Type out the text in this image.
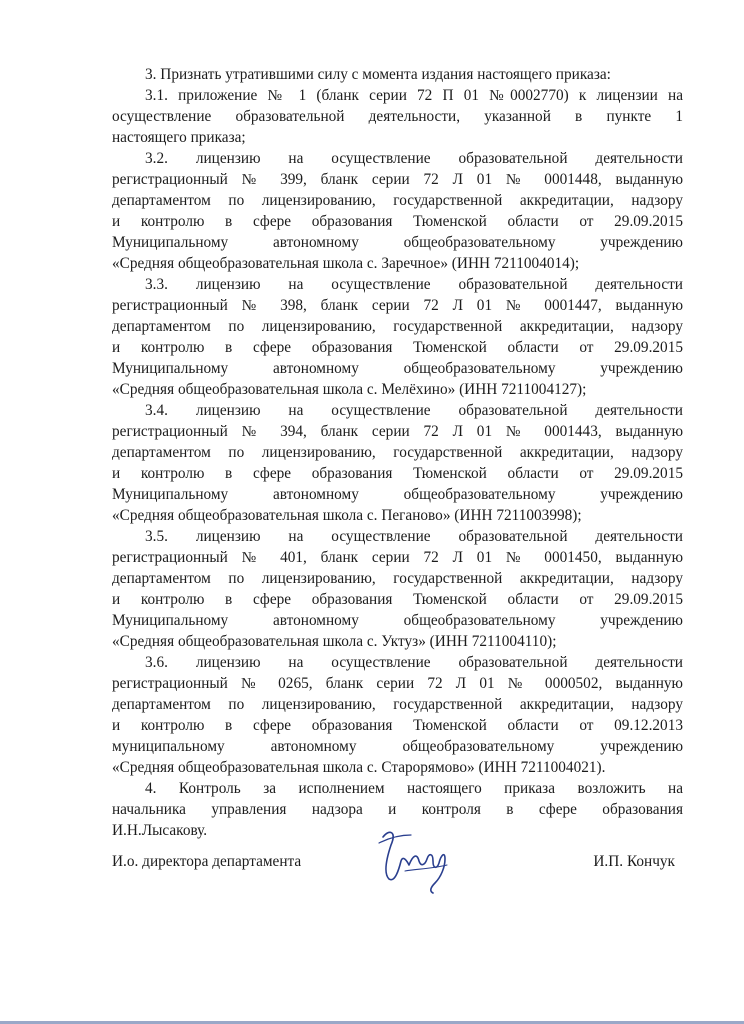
3. Признать утратившими силу с момента издания настоящего приказа:
3.1. приложение № 1 (бланк серии 72 П 01 №0002770) к лицензии на
осуществление образовательной деятельности, указанной в пункте 1
настоящего приказа;
3.2. лицензию на осуществление образовательной деятельности
регистрационный № 399, бланк серии 72 Л 01 № 0001448, выданную
департаментом по лицензированию, государственной аккредитации, надзору
и контролю в сфере образования Тюменской области от 29.09.2015
Муниципальному автономному общеобразовательному учреждению
«Средняя общеобразовательная школа с. Заречное» (ИНН 7211004014);
3.3. лицензию на осуществление образовательной деятельности
регистрационный № 398, бланк серии 72 Л 01 № 0001447, выданную
департаментом по лицензированию, государственной аккредитации, надзору
и контролю в сфере образования Тюменской области от 29.09.2015
Муниципальному автономному общеобразовательному учреждению
«Средняя общеобразовательная школа с. Мелёхино» (ИНН 7211004127);
3.4. лицензию на осуществление образовательной деятельности
регистрационный № 394, бланк серии 72 Л 01 № 0001443, выданную
департаментом по лицензированию, государственной аккредитации, надзору
и контролю в сфере образования Тюменской области от 29.09.2015
Муниципальному автономному общеобразовательному учреждению
«Средняя общеобразовательная школа с. Пеганово» (ИНН 7211003998);
3.5. лицензию на осуществление образовательной деятельности
регистрационный № 401, бланк серии 72 Л 01 № 0001450, выданную
департаментом по лицензированию, государственной аккредитации, надзору
и контролю в сфере образования Тюменской области от 29.09.2015
Муниципальному автономному общеобразовательному учреждению
«Средняя общеобразовательная школа с. Уктуз» (ИНН 7211004110);
3.6. лицензию на осуществление образовательной деятельности
регистрационный № 0265, бланк серии 72 Л 01 № 0000502, выданную
департаментом по лицензированию, государственной аккредитации, надзору
и контролю в сфере образования Тюменской области от 09.12.2013
муниципальному автономному общеобразовательному учреждению
«Средняя общеобразовательная школа с. Старорямово» (ИНН 7211004021).
4. Контроль за исполнением настоящего приказа возложить на
начальника управления надзора и контроля в сфере образования
И.Н.Лысакову.
И.о. директора департамента	И.П. Кончук
